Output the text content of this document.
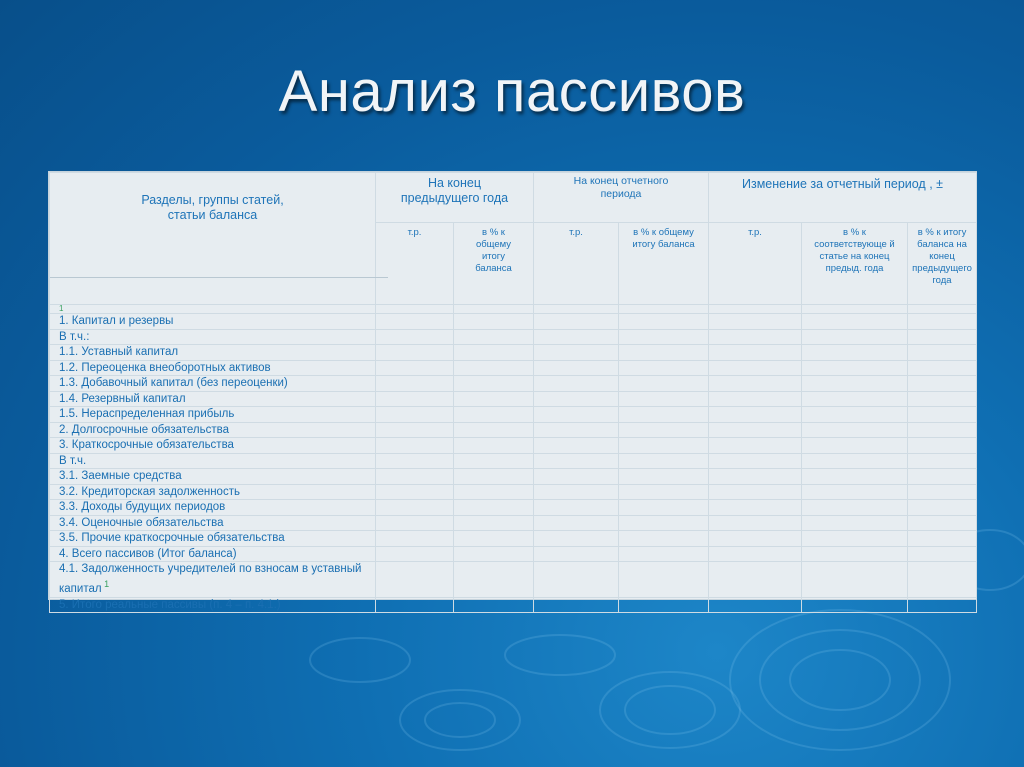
Анализ пассивов
Разделы, группы статей, статьи баланса	На конец предыдущего года		На конец отчетного периода		Изменение за отчетный период , ±		
	т.р.	в % к общему итогу баланса	т.р.	в % к общему итогу баланса	т.р.	в % к соответствующе й статье на конец предыд. года	в % к итогу баланса на конец предыдущего года

1							
1. Капитал и резервы							
В т.ч.:							
1.1. Уставный капитал							
1.2. Переоценка внеоборотных активов							
1.3. Добавочный капитал (без переоценки)							
1.4. Резервный капитал							
1.5. Нераспределенная прибыль							
2. Долгосрочные обязательства							
3. Краткосрочные обязательства							
В т.ч.							
3.1. Заемные средства							
3.2. Кредиторская задолженность							
3.3. Доходы будущих периодов							
3.4. Оценочные обязательства							
3.5. Прочие краткосрочные обязательства							
4. Всего пассивов (Итог баланса)							
4.1. Задолженность учредителей по взносам в уставный капитал $^1$							
5. Итого реальные пассивы (п. 4 – п. 4.1.)							
